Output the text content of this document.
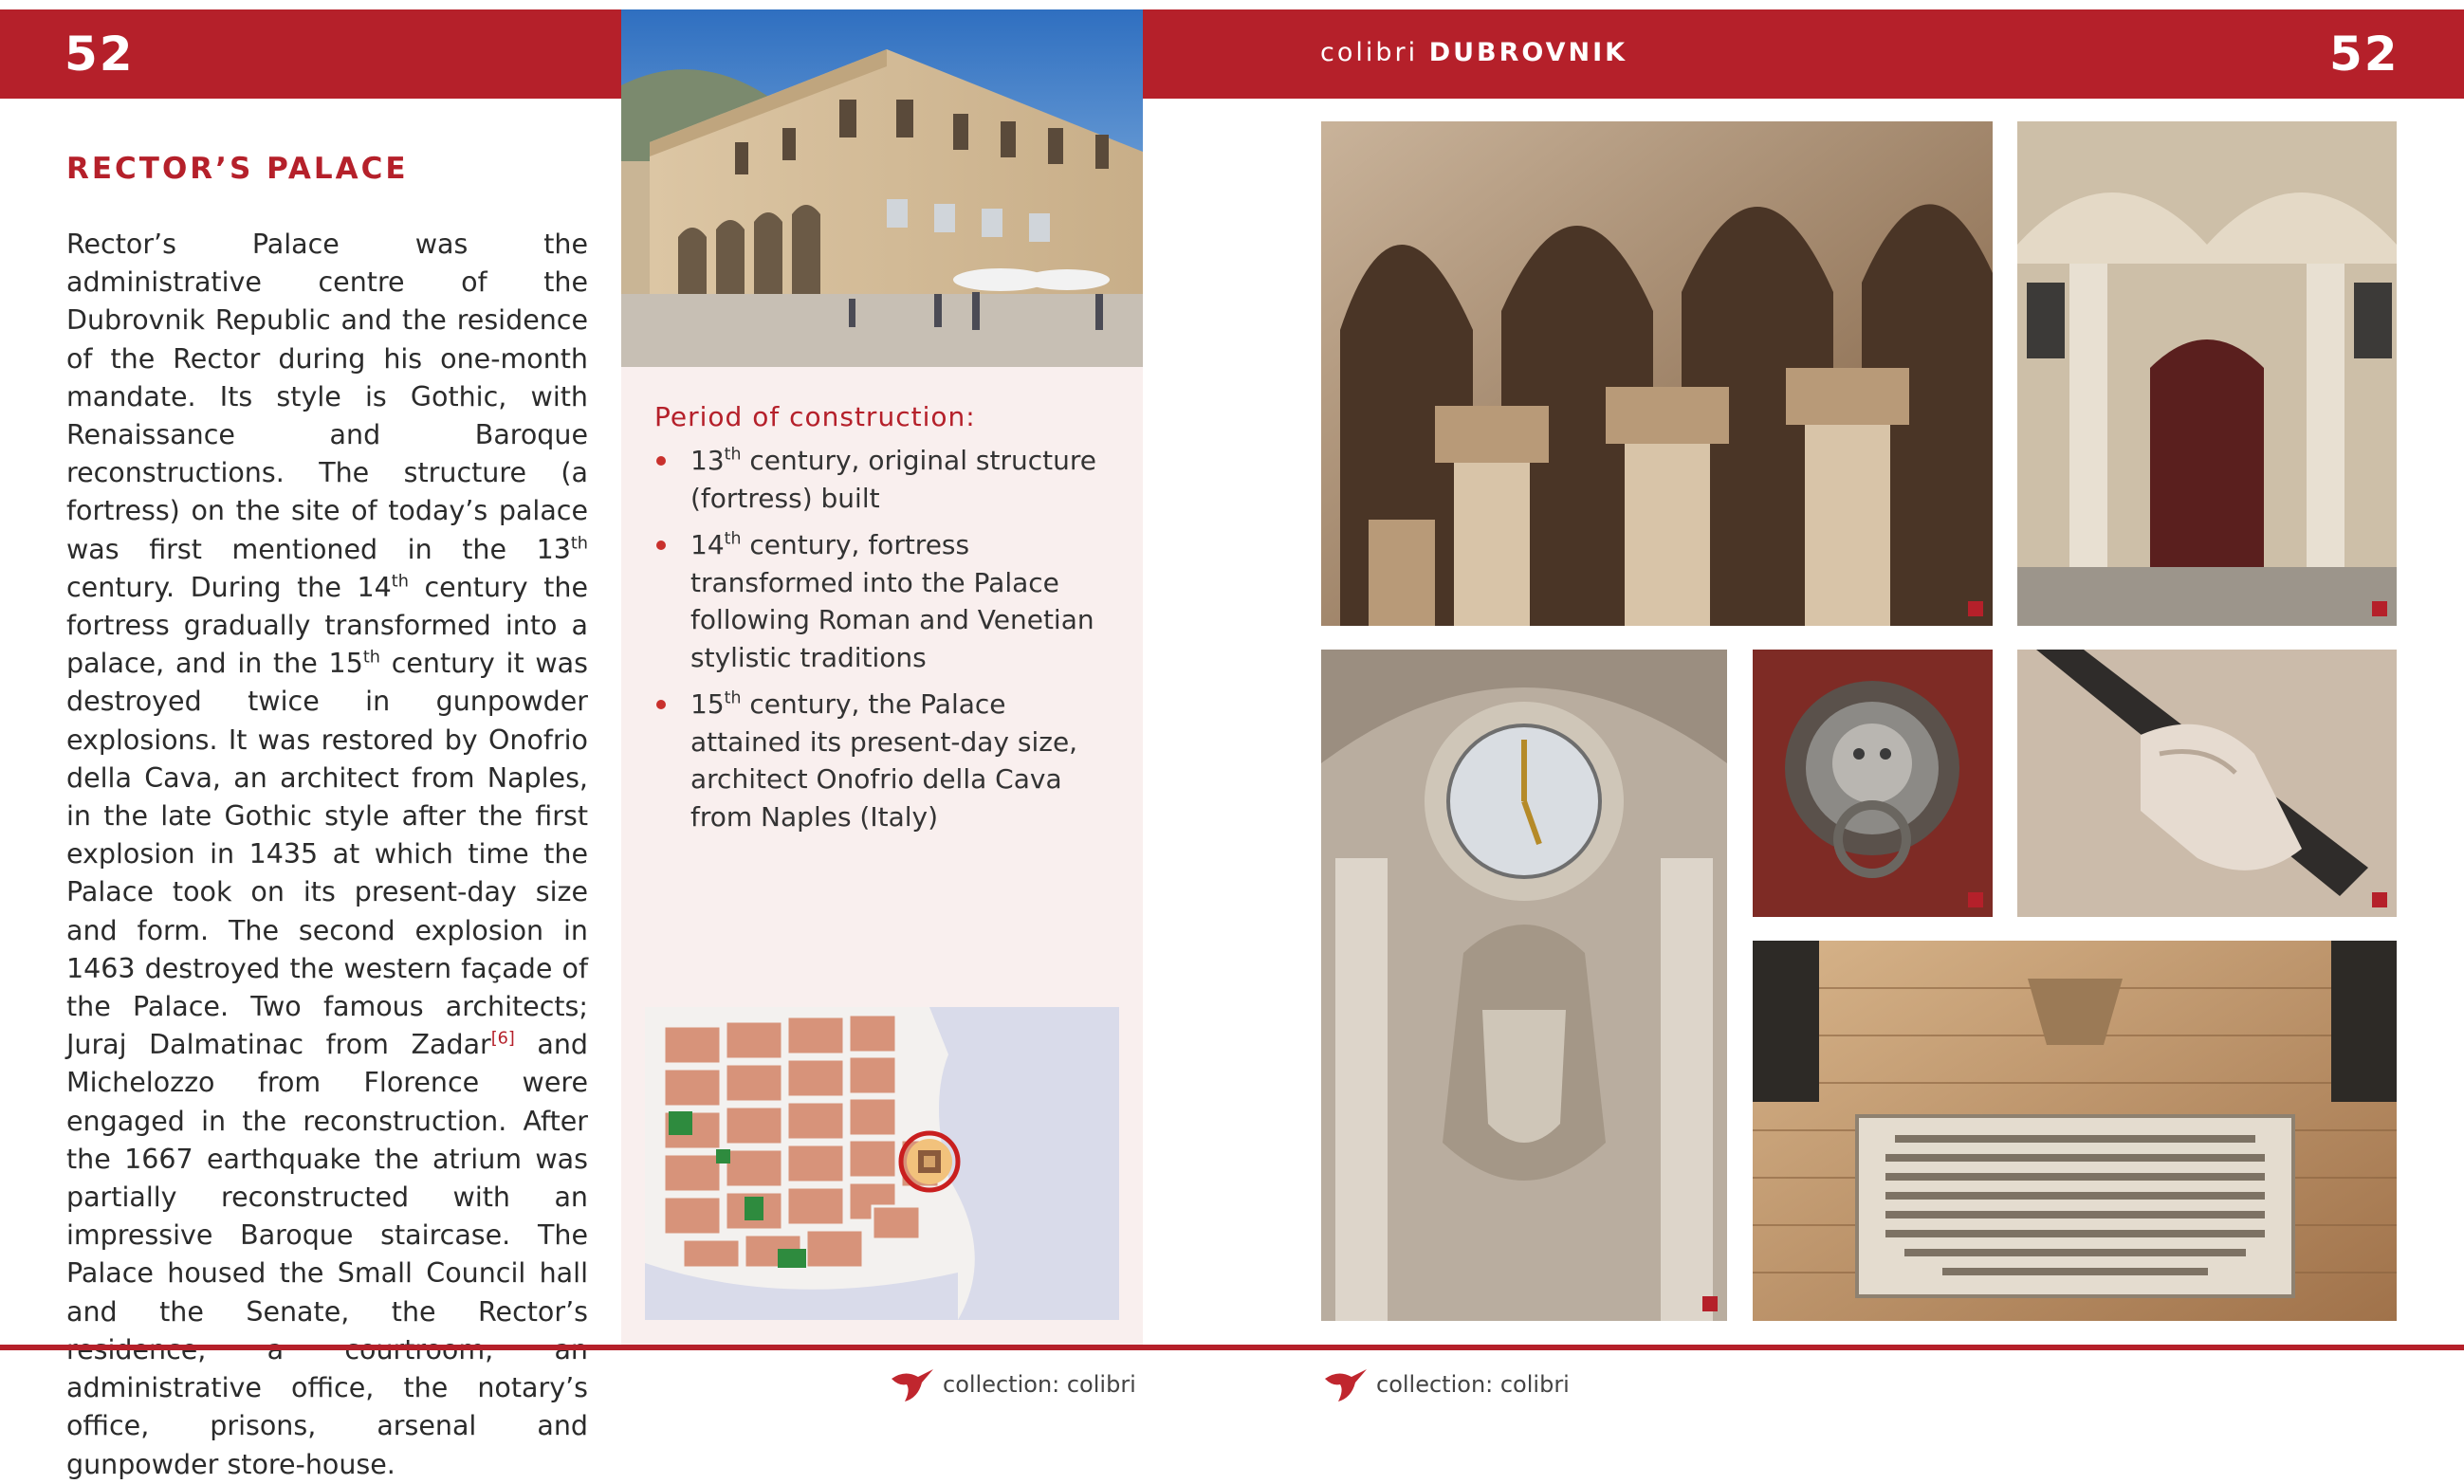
52	colibri DUBROVNIK	52
Period of construction:
13th century, original structure (fortress) built
14th century, fortress transformed into the Palace following Roman and Venetian stylistic traditions
15th century, the Palace attained its present-day size, architect Onofrio della Cava from Naples (Italy)
RECTOR’S PALACE
Rector’s Palace was the administrative centre of the Dubrovnik Republic and the residence of the Rector during his one-month mandate. Its style is Gothic, with Renaissance and Baroque reconstructions. The structure (a fortress) on the site of today’s palace was first mentioned in the 13th century. During the 14th century the fortress gradually transformed into a palace, and in the 15th century it was destroyed twice in gunpowder explosions. It was restored by Onofrio della Cava, an architect from Naples, in the late Gothic style after the first explosion in 1435 at which time the Palace took on its present-day size and form. The second explosion in 1463 destroyed the western façade of the Palace. Two famous architects; Juraj Dalmatinac from Zadar[6] and Michelozzo from Florence were engaged in the reconstruction. After the 1667 earthquake the atrium was partially reconstructed with an impressive Baroque staircase. The Palace housed the Small Council hall and the Senate, the Rector’s administrative office, the notary’s office, prisons, arsenal and gunpowder store-house.
collection: colibri	collection: colibri
